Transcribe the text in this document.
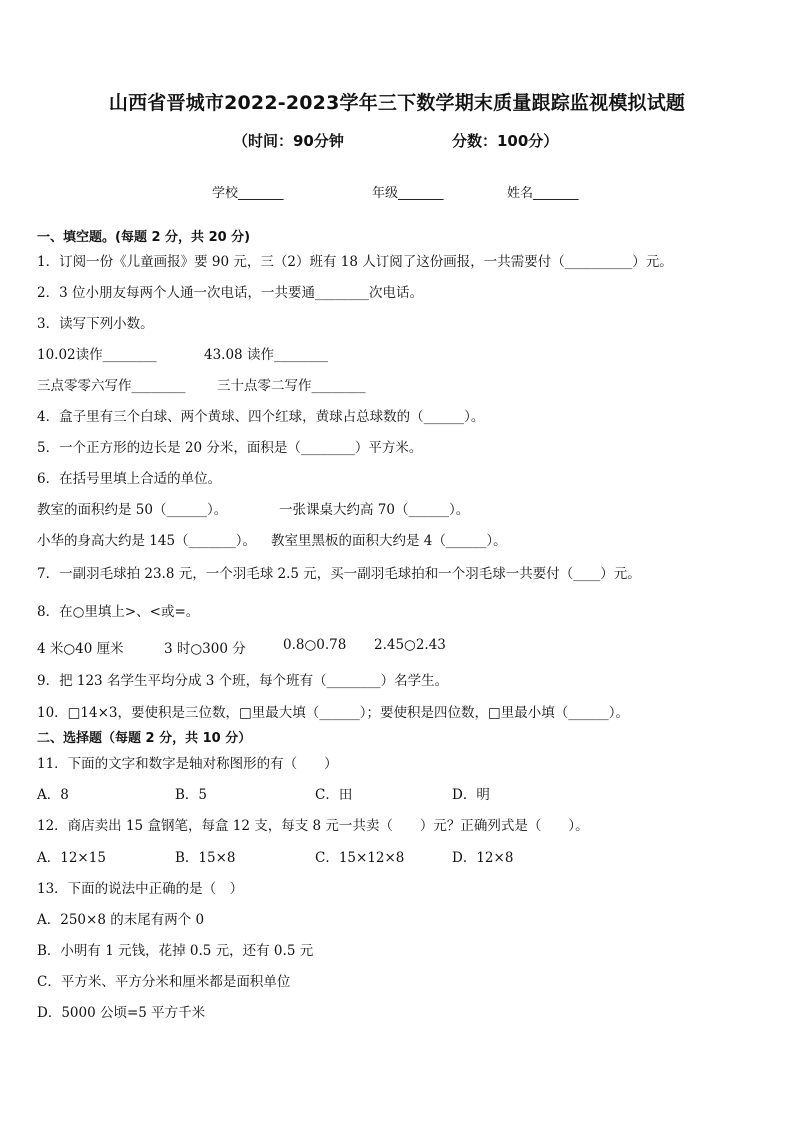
山西省晋城市2022-2023学年三下数学期末质量跟踪监视模拟试题
（时间：90分钟	分数：100分）
学校_______	年级_______	姓名_______
一、填空题。(每题 2 分，共 20 分)
1．订阅一份《儿童画报》要 90 元，三（2）班有 18 人订阅了这份画报，一共需要付（__________）元。
2．3 位小朋友每两个人通一次电话，一共要通________次电话。
3．读写下列小数。
10.02读作________	43.08 读作________
三点零零六写作________ 三十点零二写作________
4．盒子里有三个白球、两个黄球、四个红球，黄球占总球数的（______）。
5．一个正方形的边长是 20 分米，面积是（________）平方米。
6．在括号里填上合适的单位。
教室的面积约是 50（______）。	一张课桌大约高 70（______）。
小华的身高大约是 145（_______）。 教室里黑板的面积大约是 4（______）。
7．一副羽毛球拍 23.8 元，一个羽毛球 2.5 元，买一副羽毛球拍和一个羽毛球一共要付（____）元。
8．在○里填上>、<或=。
4 米○40 厘米	3 时○300 分	0.8○0.78 2.45○2.43
9．把 123 名学生平均分成 3 个班，每个班有（________）名学生。
10．□14×3，要使积是三位数，□里最大填（______）；要使积是四位数，□里最小填（______）。
二、选择题（每题 2 分，共 10 分）
11．下面的文字和数字是轴对称图形的有（　　）
A．8	B．5	C．田	D．明
12．商店卖出 15 盒钢笔，每盒 12 支，每支 8 元一共卖（　　）元？正确列式是（　　）。
A．12×15	B．15×8	C．15×12×8	D．12×8
13．下面的说法中正确的是（　）
A．250×8 的末尾有两个 0
B．小明有 1 元钱，花掉 0.5 元，还有 0.5 元
C．平方米、平方分米和厘米都是面积单位
D．5000 公顷=5 平方千米
